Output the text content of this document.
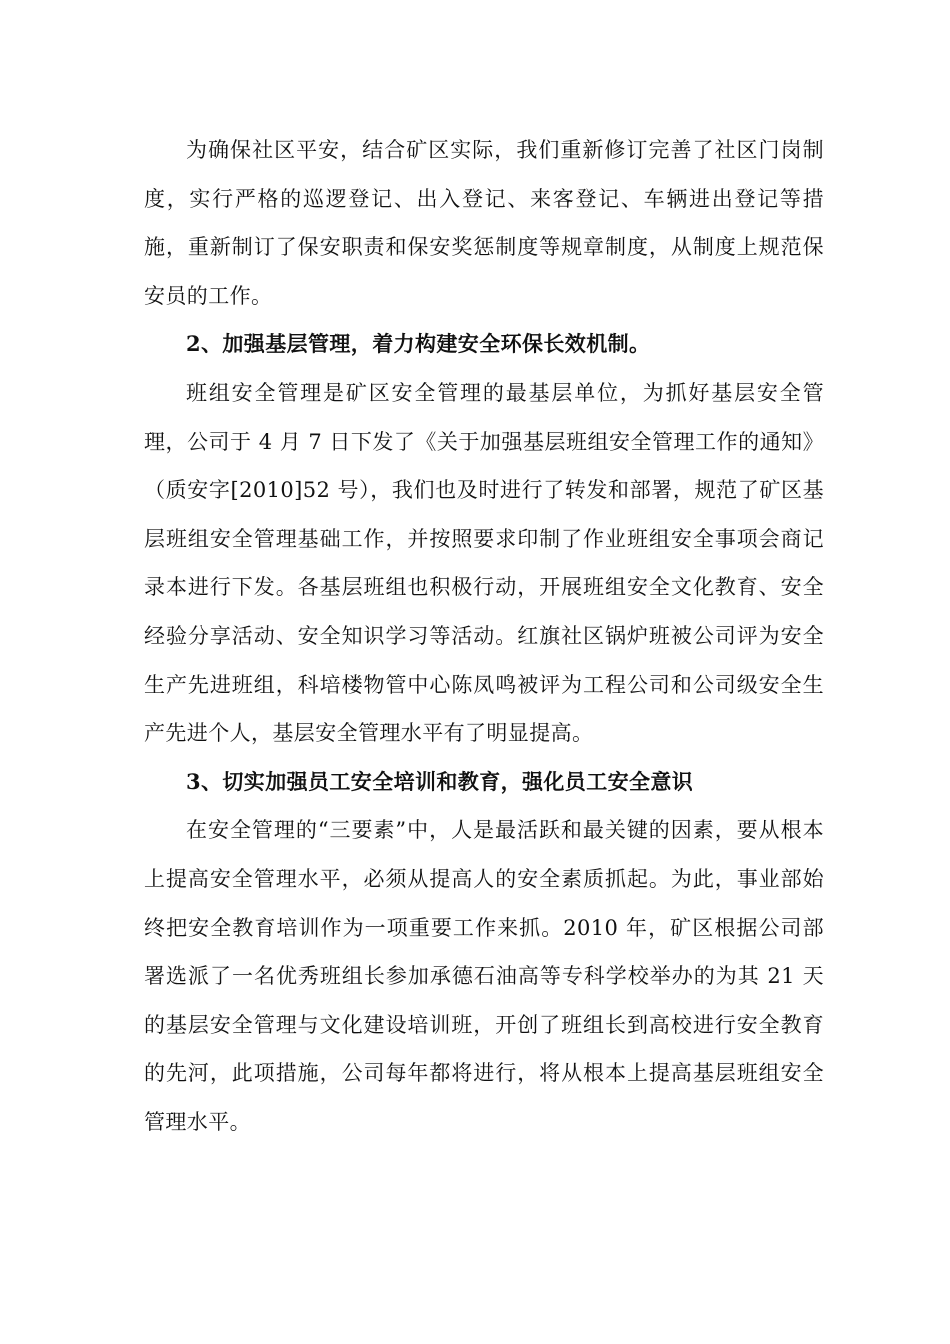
为确保社区平安，结合矿区实际，我们重新修订完善了社区门岗制度，实行严格的巡逻登记、出入登记、来客登记、车辆进出登记等措施，重新制订了保安职责和保安奖惩制度等规章制度，从制度上规范保安员的工作。

2、加强基层管理，着力构建安全环保长效机制。

班组安全管理是矿区安全管理的最基层单位，为抓好基层安全管理，公司于 4 月 7 日下发了《关于加强基层班组安全管理工作的通知》（质安字[2010]52 号），我们也及时进行了转发和部署，规范了矿区基层班组安全管理基础工作，并按照要求印制了作业班组安全事项会商记录本进行下发。各基层班组也积极行动，开展班组安全文化教育、安全经验分享活动、安全知识学习等活动。红旗社区锅炉班被公司评为安全生产先进班组，科培楼物管中心陈凤鸣被评为工程公司和公司级安全生产先进个人，基层安全管理水平有了明显提高。

3、切实加强员工安全培训和教育，强化员工安全意识

在安全管理的“三要素”中，人是最活跃和最关键的因素，要从根本上提高安全管理水平，必须从提高人的安全素质抓起。为此，事业部始终把安全教育培训作为一项重要工作来抓。2010 年，矿区根据公司部署选派了一名优秀班组长参加承德石油高等专科学校举办的为其 21 天的基层安全管理与文化建设培训班，开创了班组长到高校进行安全教育的先河，此项措施，公司每年都将进行，将从根本上提高基层班组安全管理水平。
